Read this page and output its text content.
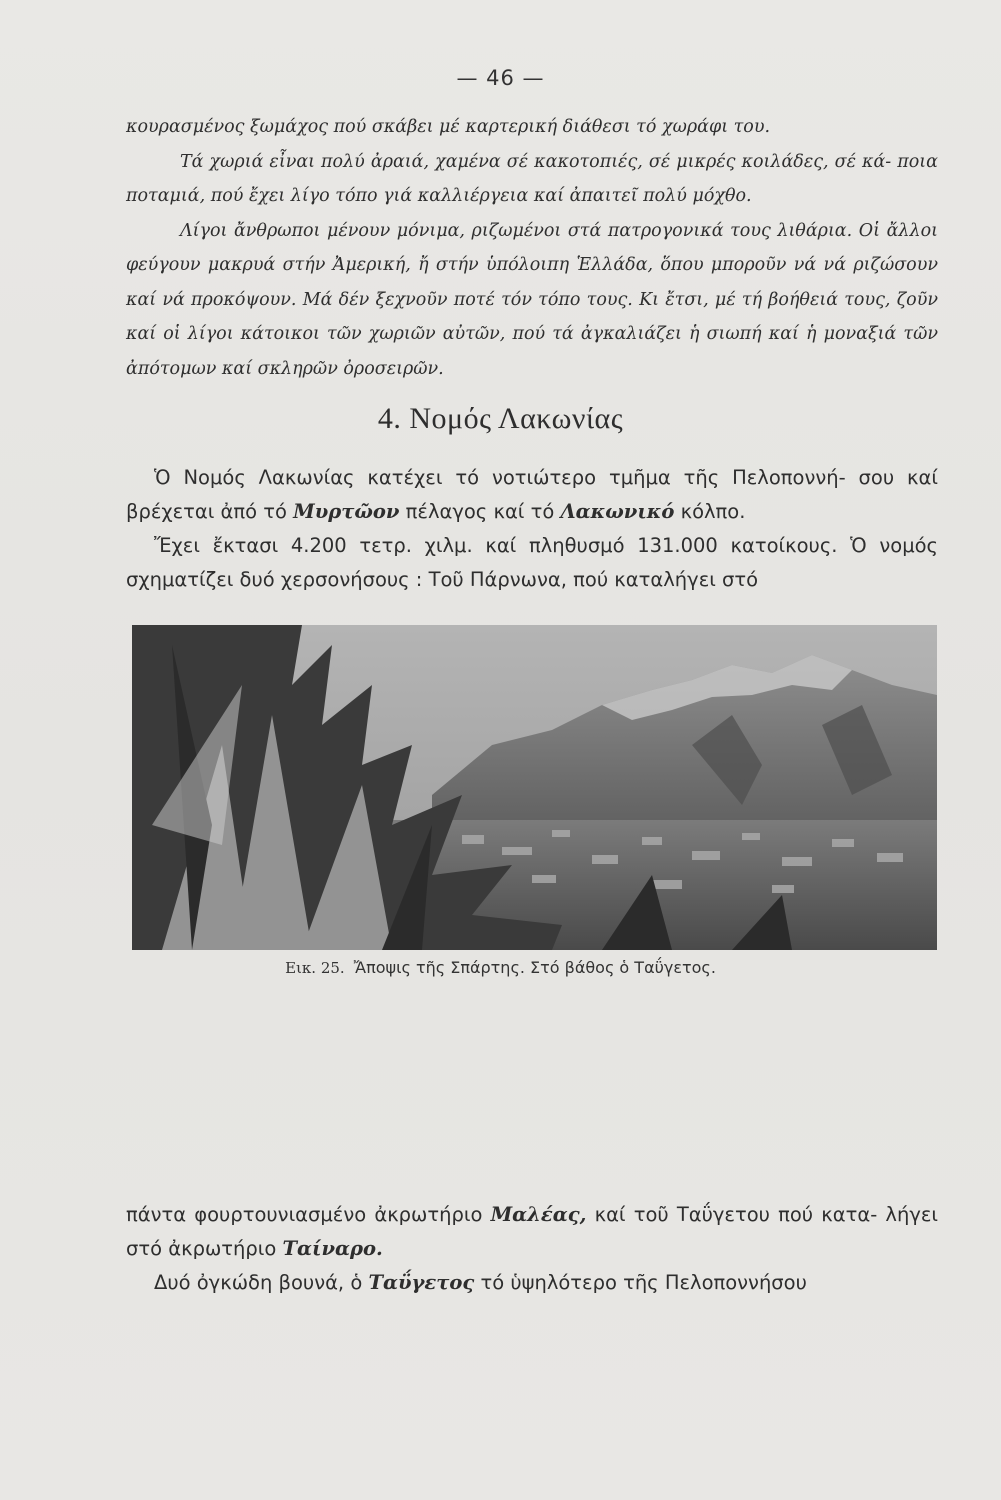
— 46 —

κουρασμένος ξωμάχος πού σκάβει μέ καρτερική διάθεσι τό χωράφι του.

Τά χωριά εἶναι πολύ ἀραιά, χαμένα σέ κακοτοπιές, σέ μικρές κοιλάδες, σέ κά- ποια ποταμιά, πού ἔχει λίγο τόπο γιά καλλιέργεια καί ἀπαιτεῖ πολύ μόχθο.

Λίγοι ἄνθρωποι μένουν μόνιμα, ριζωμένοι στά πατρογονικά τους λιθάρια. Οἱ ἄλλοι φεύγουν μακρυά στήν Ἀμερική, ἤ στήν ὑπόλοιπη Ἑλλάδα, ὅπου μποροῦν νά νά ριζώσουν καί νά προκόψουν. Μά δέν ξεχνοῦν ποτέ τόν τόπο τους. Κι ἔτσι, μέ τή βοήθειά τους, ζοῦν καί οἱ λίγοι κάτοικοι τῶν χωριῶν αὐτῶν, πού τά ἀγκαλιάζει ἡ σιωπή καί ἡ μοναξιά τῶν ἀπότομων καί σκληρῶν ὀροσειρῶν.

4. Νομός Λακωνίας

Ὁ Νομός Λακωνίας κατέχει τό νοτιώτερο τμῆμα τῆς Πελοποννή- σου καί βρέχεται ἀπό τό Μυρτῶον πέλαγος καί τό Λακωνικό κόλπο.

Ἔχει ἔκτασι 4.200 τετρ. χιλμ. καί πληθυσμό 131.000 κατοίκους. Ὁ νομός σχηματίζει δυό χερσονήσους : Τοῦ Πάρνωνα, πού καταλήγει στό

Εικ. 25. Ἄποψις τῆς Σπάρτης. Στό βάθος ὁ Ταΰγετος.

πάντα φουρτουνιασμένο ἀκρωτήριο Μαλέας, καί τοῦ Ταΰγετου πού κατα- λήγει στό ἀκρωτήριο Ταίναρο.

Δυό ὀγκώδη βουνά, ὁ Ταΰγετος τό ὑψηλότερο τῆς Πελοποννήσου
